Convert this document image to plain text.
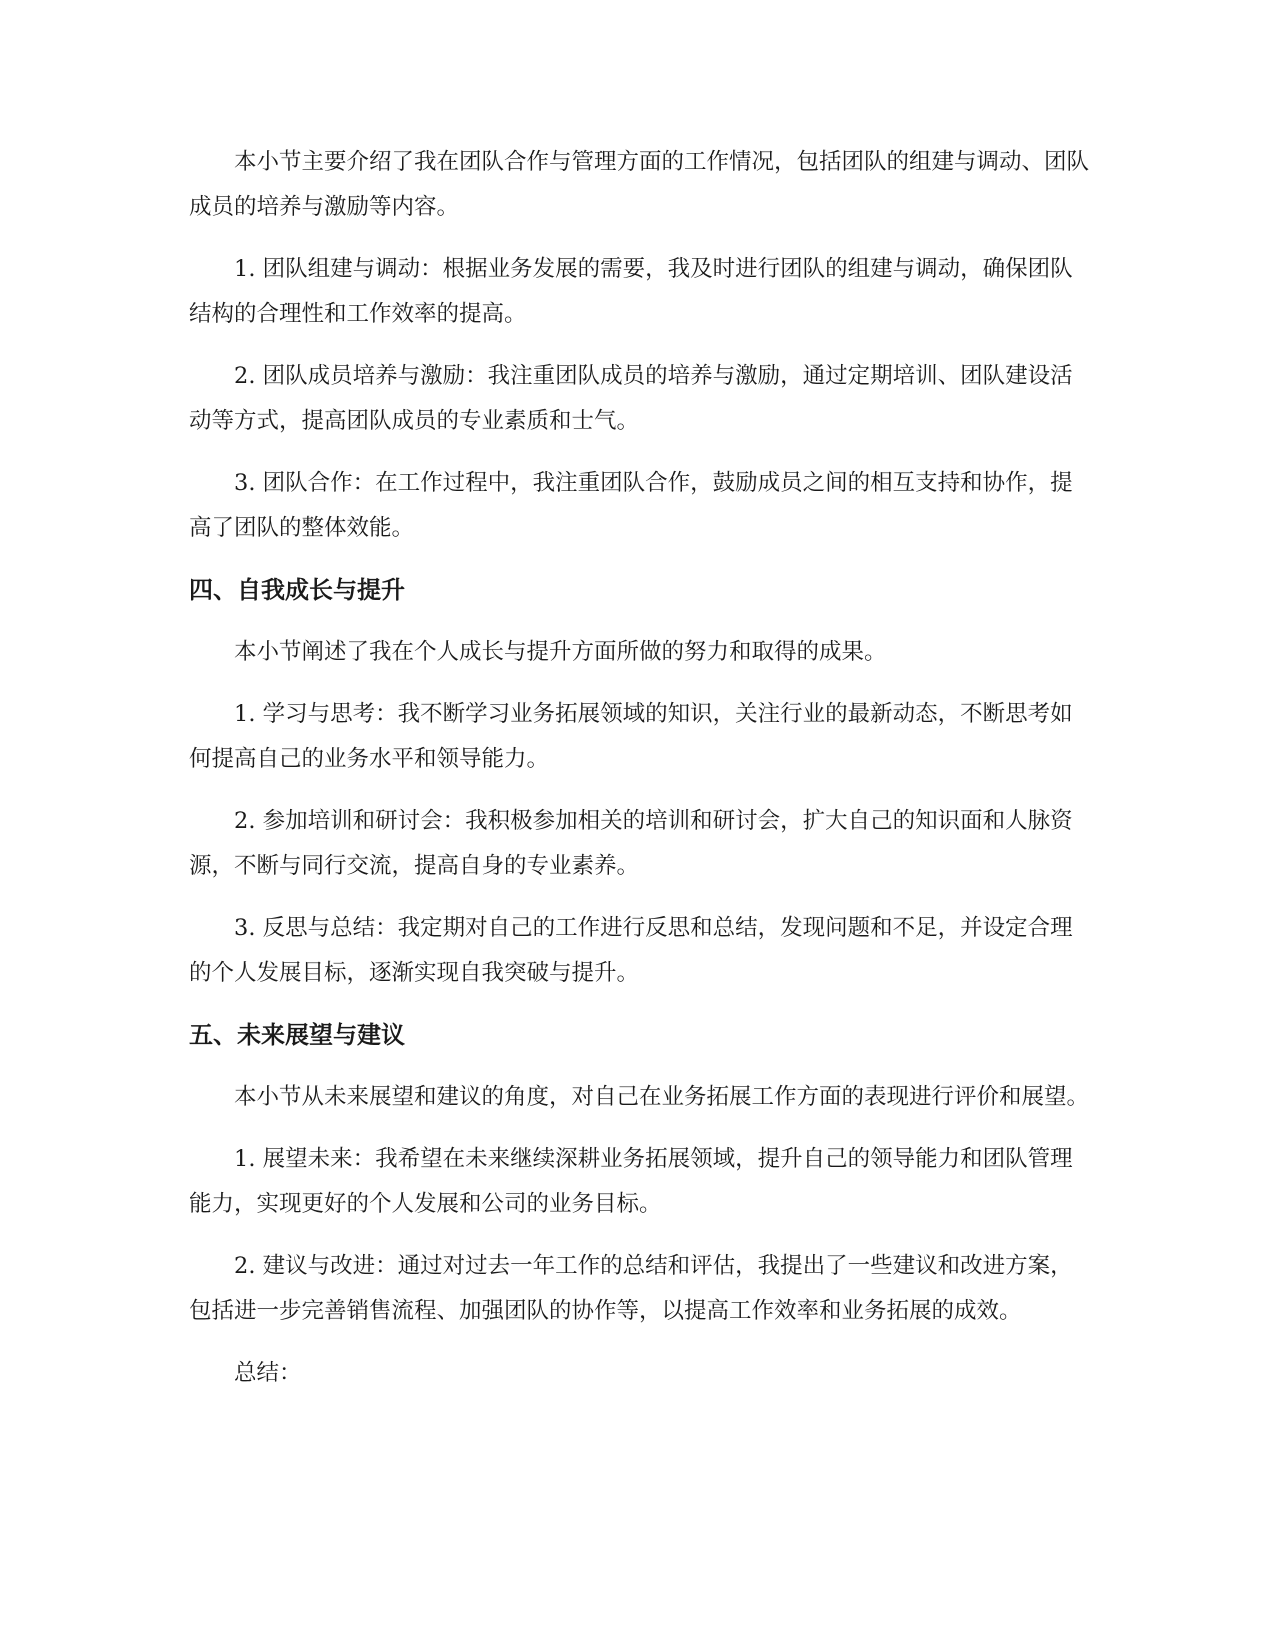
本小节主要介绍了我在团队合作与管理方面的工作情况，包括团队的组建与调动、团队成员的培养与激励等内容。

1. 团队组建与调动：根据业务发展的需要，我及时进行团队的组建与调动，确保团队结构的合理性和工作效率的提高。

2. 团队成员培养与激励：我注重团队成员的培养与激励，通过定期培训、团队建设活动等方式，提高团队成员的专业素质和士气。

3. 团队合作：在工作过程中，我注重团队合作，鼓励成员之间的相互支持和协作，提高了团队的整体效能。

四、自我成长与提升

本小节阐述了我在个人成长与提升方面所做的努力和取得的成果。

1. 学习与思考：我不断学习业务拓展领域的知识，关注行业的最新动态，不断思考如何提高自己的业务水平和领导能力。

2. 参加培训和研讨会：我积极参加相关的培训和研讨会，扩大自己的知识面和人脉资源，不断与同行交流，提高自身的专业素养。

3. 反思与总结：我定期对自己的工作进行反思和总结，发现问题和不足，并设定合理的个人发展目标，逐渐实现自我突破与提升。

五、未来展望与建议

本小节从未来展望和建议的角度，对自己在业务拓展工作方面的表现进行评价和展望。

1. 展望未来：我希望在未来继续深耕业务拓展领域，提升自己的领导能力和团队管理能力，实现更好的个人发展和公司的业务目标。

2. 建议与改进：通过对过去一年工作的总结和评估，我提出了一些建议和改进方案，包括进一步完善销售流程、加强团队的协作等，以提高工作效率和业务拓展的成效。

总结：
